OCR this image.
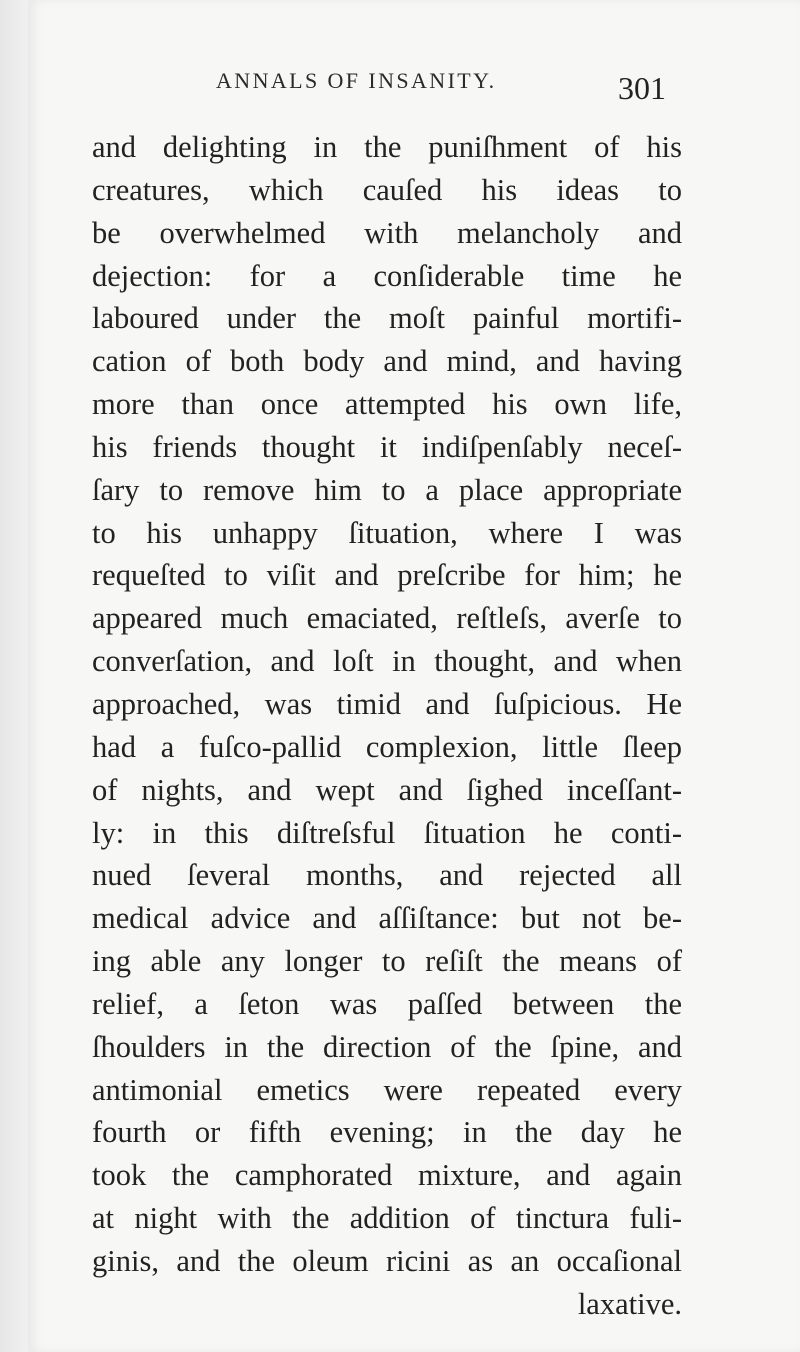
ANNALS OF INSANITY.	301
and delighting in the puniſhment of his
creatures, which cauſed his ideas to
be overwhelmed with melancholy and
dejection: for a conſiderable time he
laboured under the moſt painful mortifi-
cation of both body and mind, and having
more than once attempted his own life,
his friends thought it indiſpenſably neceſ-
ſary to remove him to a place appropriate
to his unhappy ſituation, where I was
requeſted to viſit and preſcribe for him; he
appeared much emaciated, reſtleſs, averſe to
converſation, and loſt in thought, and when
approached, was timid and ſuſpicious. He
had a fuſco-pallid complexion, little ſleep
of nights, and wept and ſighed inceſſant-
ly: in this diſtreſsful ſituation he conti-
nued ſeveral months, and rejected all
medical advice and aſſiſtance: but not be-
ing able any longer to reſiſt the means of
relief, a ſeton was paſſed between the
ſhoulders in the direction of the ſpine, and
antimonial emetics were repeated every
fourth or fifth evening; in the day he
took the camphorated mixture, and again
at night with the addition of tinctura fuli-
ginis, and the oleum ricini as an occaſional
laxative.
